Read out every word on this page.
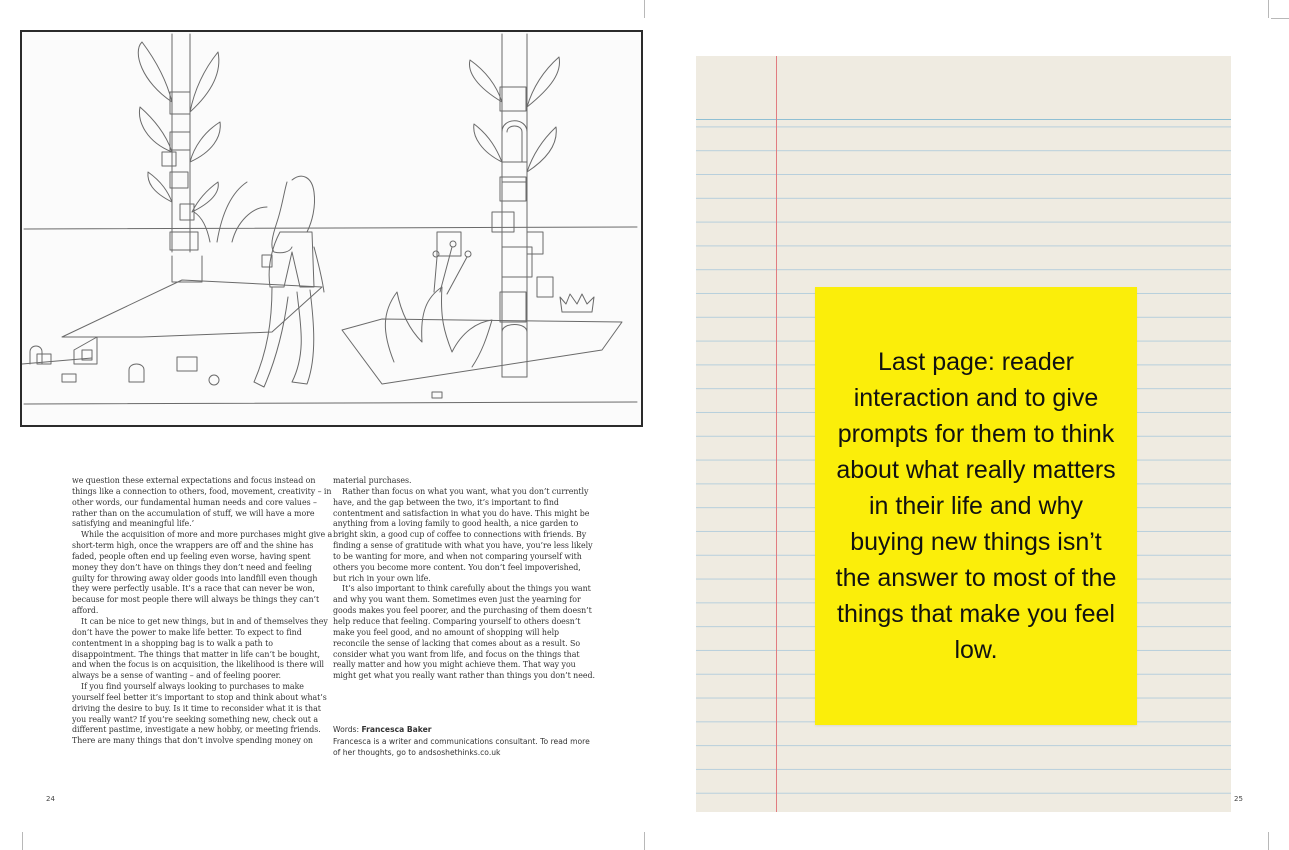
we question these external expectations and focus instead on things like a connection to others, food, movement, creativity – in other words, our fundamental human needs and core values – rather than on the accumulation of stuff, we will have a more satisfying and meaningful life.’

While the acquisition of more and more purchases might give a short-term high, once the wrappers are off and the shine has faded, people often end up feeling even worse, having spent money they don’t have on things they don’t need and feeling guilty for throwing away older goods into landfill even though they were perfectly usable. It’s a race that can never be won, because for most people there will always be things they can’t afford.

It can be nice to get new things, but in and of themselves they don’t have the power to make life better. To expect to find contentment in a shopping bag is to walk a path to disappointment. The things that matter in life can’t be bought, and when the focus is on acquisition, the likelihood is there will always be a sense of wanting – and of feeling poorer.

If you find yourself always looking to purchases to make yourself feel better it’s important to stop and think about what’s driving the desire to buy. Is it time to reconsider what it is that you really want? If you’re seeking something new, check out a different pastime, investigate a new hobby, or meeting friends. There are many things that don’t involve spending money on

material purchases.

Rather than focus on what you want, what you don’t currently have, and the gap between the two, it’s important to find contentment and satisfaction in what you do have. This might be anything from a loving family to good health, a nice garden to bright skin, a good cup of coffee to connections with friends. By finding a sense of gratitude with what you have, you’re less likely to be wanting for more, and when not comparing yourself with others you become more content. You don’t feel impoverished, but rich in your own life.

It’s also important to think carefully about the things you want and why you want them. Sometimes even just the yearning for goods makes you feel poorer, and the purchasing of them doesn’t help reduce that feeling. Comparing yourself to others doesn’t make you feel good, and no amount of shopping will help reconcile the sense of lacking that comes about as a result. So consider what you want from life, and focus on the things that really matter and how you might achieve them. That way you might get what you really want rather than things you don’t need.

Words: Francesca Baker
Francesca is a writer and communications consultant. To read more of her thoughts, go to andsoshethinks.co.uk
24
Last page: reader interaction and to give prompts for them to think about what really matters in their life and why buying new things isn’t the answer to most of the things that make you feel low.
25
